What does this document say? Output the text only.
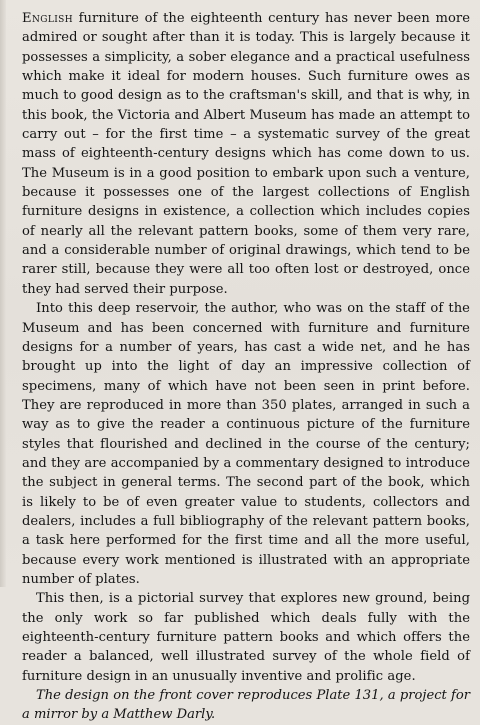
English furniture of the eighteenth century has never been more admired or sought after than it is today. This is largely because it possesses a simplicity, a sober elegance and a practical usefulness which make it ideal for modern houses. Such furniture owes as much to good design as to the craftsman's skill, and that is why, in this book, the Victoria and Albert Museum has made an attempt to carry out – for the first time – a systematic survey of the great mass of eighteenth-century designs which has come down to us. The Museum is in a good position to embark upon such a venture, because it possesses one of the largest collections of English furniture designs in existence, a collection which includes copies of nearly all the relevant pattern books, some of them very rare, and a considerable number of original drawings, which tend to be rarer still, because they were all too often lost or destroyed, once they had served their purpose.

Into this deep reservoir, the author, who was on the staff of the Museum and has been concerned with furniture and furniture designs for a number of years, has cast a wide net, and he has brought up into the light of day an impressive collection of specimens, many of which have not been seen in print before. They are reproduced in more than 350 plates, arranged in such a way as to give the reader a continuous picture of the furniture styles that flourished and declined in the course of the century; and they are accompanied by a commentary designed to introduce the subject in general terms. The second part of the book, which is likely to be of even greater value to students, collectors and dealers, includes a full bibliography of the relevant pattern books, a task here performed for the first time and all the more useful, because every work mentioned is illustrated with an appropriate number of plates.

This then, is a pictorial survey that explores new ground, being the only work so far published which deals fully with the eighteenth-century furniture pattern books and which offers the reader a balanced, well illustrated survey of the whole field of furniture design in an unusually inventive and prolific age.

The design on the front cover reproduces Plate 131, a project for a mirror by a Matthew Darly.
